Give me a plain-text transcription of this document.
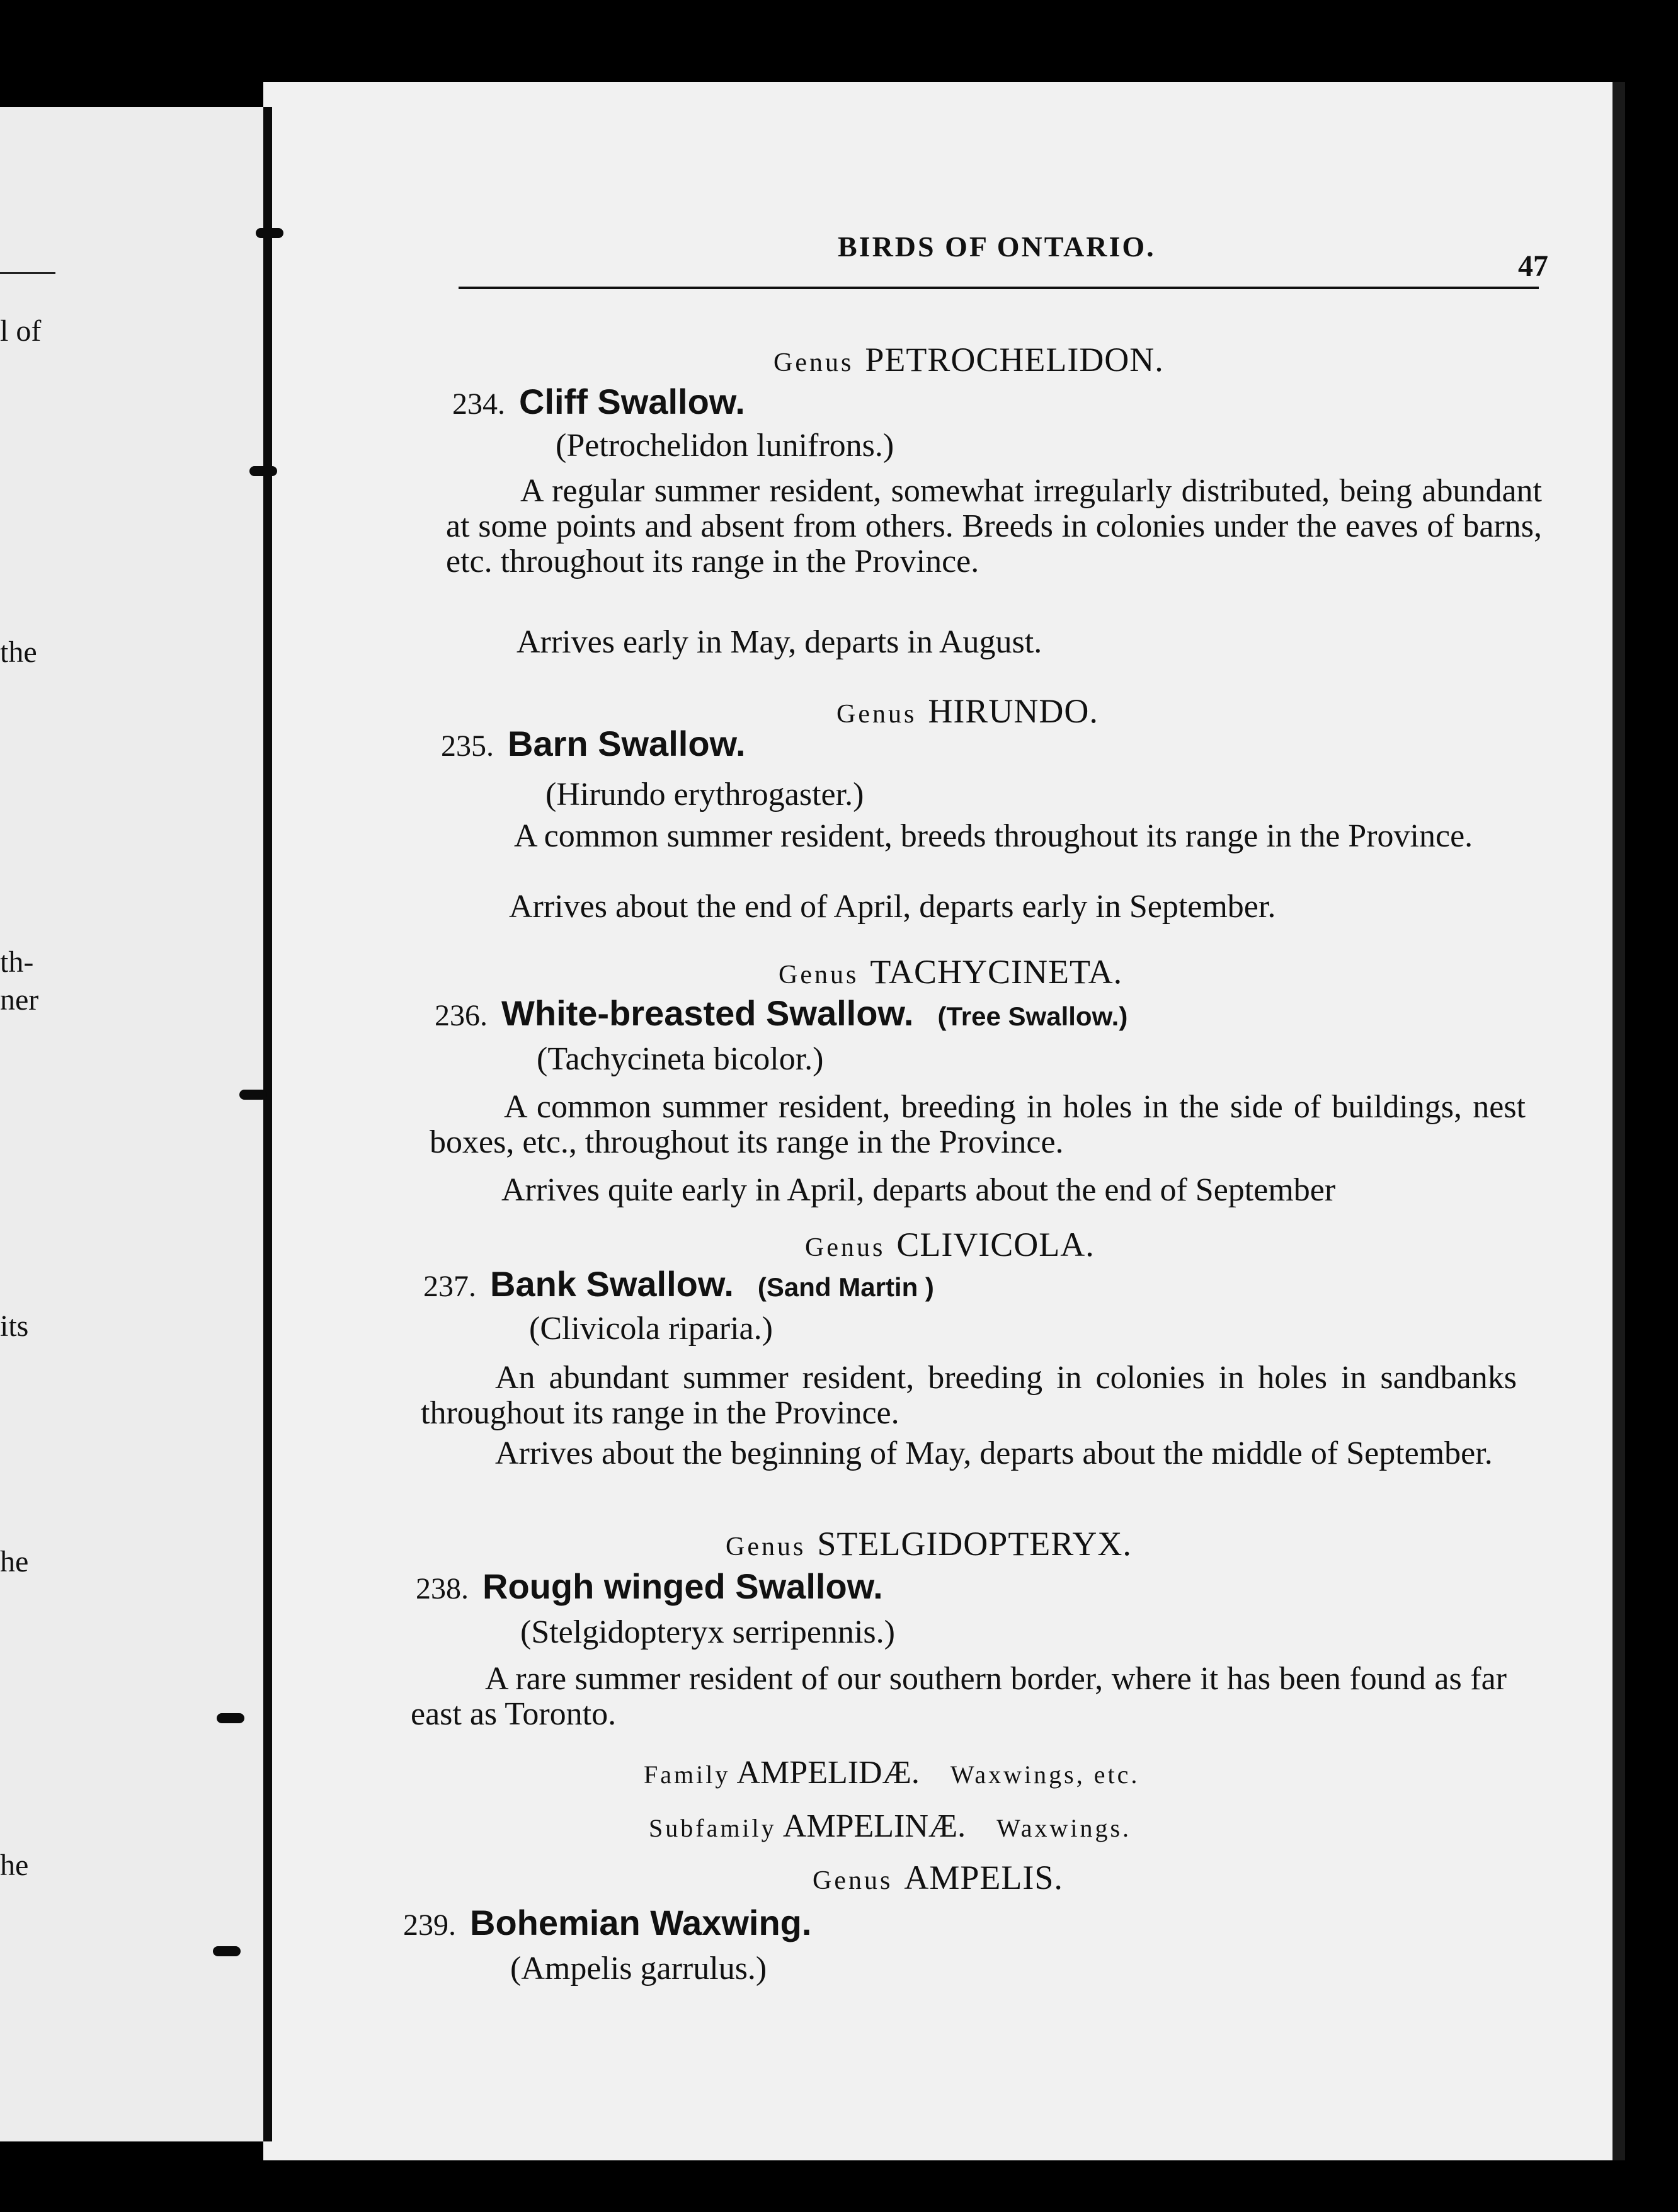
l of
the
th-
ner
its
he
he
BIRDS OF ONTARIO.
47
Genus PETROCHELIDON.
234. Cliff Swallow.
(Petrochelidon lunifrons.)
A regular summer resident, somewhat irregularly distributed, being abundant at some points and absent from others. Breeds in colonies under the eaves of barns, etc. throughout its range in the Province.
Arrives early in May, departs in August.
Genus HIRUNDO.
235. Barn Swallow.
(Hirundo erythrogaster.)
A common summer resident, breeds throughout its range in the Province.
Arrives about the end of April, departs early in September.
Genus TACHYCINETA.
236. White-breasted Swallow. (Tree Swallow.)
(Tachycineta bicolor.)
A common summer resident, breeding in holes in the side of buildings, nest boxes, etc., throughout its range in the Province.
Arrives quite early in April, departs about the end of September
Genus CLIVICOLA.
237. Bank Swallow. (Sand Martin )
(Clivicola riparia.)
An abundant summer resident, breeding in colonies in holes in sandbanks throughout its range in the Province.
Arrives about the beginning of May, departs about the middle of September.
Genus STELGIDOPTERYX.
238. Rough winged Swallow.
(Stelgidopteryx serripennis.)
A rare summer resident of our southern border, where it has been found as far east as Toronto.
Family AMPELIDÆ. Waxwings, etc.
Subfamily AMPELINÆ. Waxwings.
Genus AMPELIS.
239. Bohemian Waxwing.
(Ampelis garrulus.)
